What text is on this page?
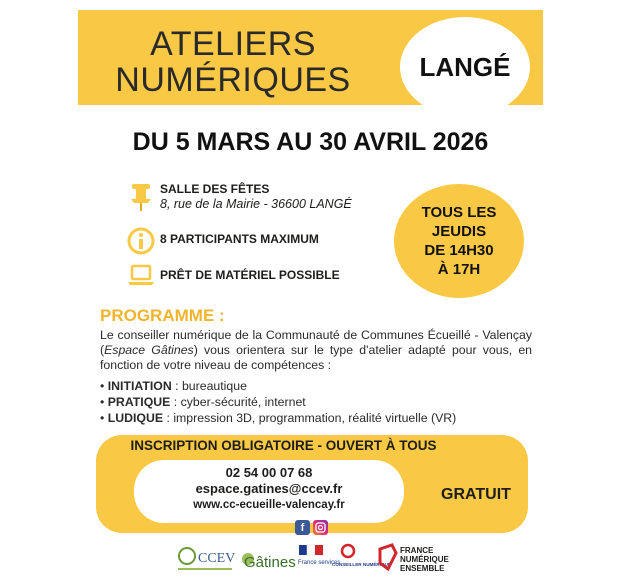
ATELIERS
NUMÉRIQUES	LANGÉ
DU 5 MARS AU 30 AVRIL 2026
SALLE DES FÊTES
8, rue de la Mairie - 36600 LANGÉ
8 PARTICIPANTS MAXIMUM
PRÊT DE MATÉRIEL POSSIBLE
TOUS LES
JEUDIS
DE 14H30
À 17H
PROGRAMME :
Le conseiller numérique de la Communauté de Communes Écueillé - Valençay (Espace Gâtines) vous orientera sur le type d'atelier adapté pour vous, en fonction de votre niveau de compétences :
• INITIATION : bureautique
• PRATIQUE : cyber-sécurité, internet
• LUDIQUE : impression 3D, programmation, réalité virtuelle (VR)
INSCRIPTION OBLIGATOIRE - OUVERT À TOUS
02 54 00 07 68
espace.gatines@ccev.fr
www.cc-ecueille-valencay.fr
GRATUIT
f
CCEV Gâtines France services
CONSEILLER NUMÉRIQUE
FRANCE
NUMÉRIQUE
ENSEMBLE
